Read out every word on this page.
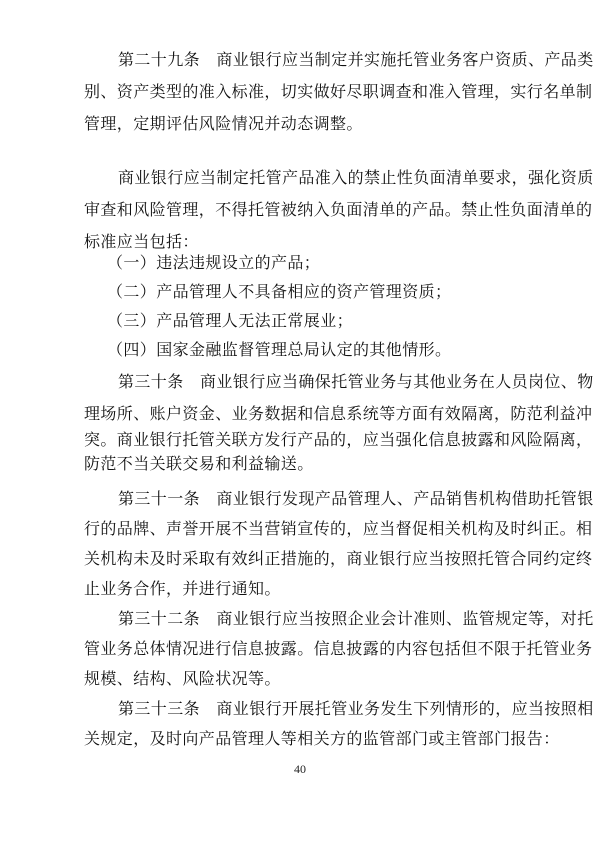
第二十九条　商业银行应当制定并实施托管业务客户资质、产品类
别、资产类型的准入标准，切实做好尽职调查和准入管理，实行名单制
管理，定期评估风险情况并动态调整。
商业银行应当制定托管产品准入的禁止性负面清单要求，强化资质
审查和风险管理，不得托管被纳入负面清单的产品。禁止性负面清单的
标准应当包括：
（一）违法违规设立的产品；
（二）产品管理人不具备相应的资产管理资质；
（三）产品管理人无法正常展业；
（四）国家金融监督管理总局认定的其他情形。
第三十条　商业银行应当确保托管业务与其他业务在人员岗位、物
理场所、账户资金、业务数据和信息系统等方面有效隔离，防范利益冲
突。商业银行托管关联方发行产品的，应当强化信息披露和风险隔离，
防范不当关联交易和利益输送。
第三十一条　商业银行发现产品管理人、产品销售机构借助托管银
行的品牌、声誉开展不当营销宣传的，应当督促相关机构及时纠正。相
关机构未及时采取有效纠正措施的，商业银行应当按照托管合同约定终
止业务合作，并进行通知。
第三十二条　商业银行应当按照企业会计准则、监管规定等，对托
管业务总体情况进行信息披露。信息披露的内容包括但不限于托管业务
规模、结构、风险状况等。
第三十三条　商业银行开展托管业务发生下列情形的，应当按照相
关规定，及时向产品管理人等相关方的监管部门或主管部门报告：
40
